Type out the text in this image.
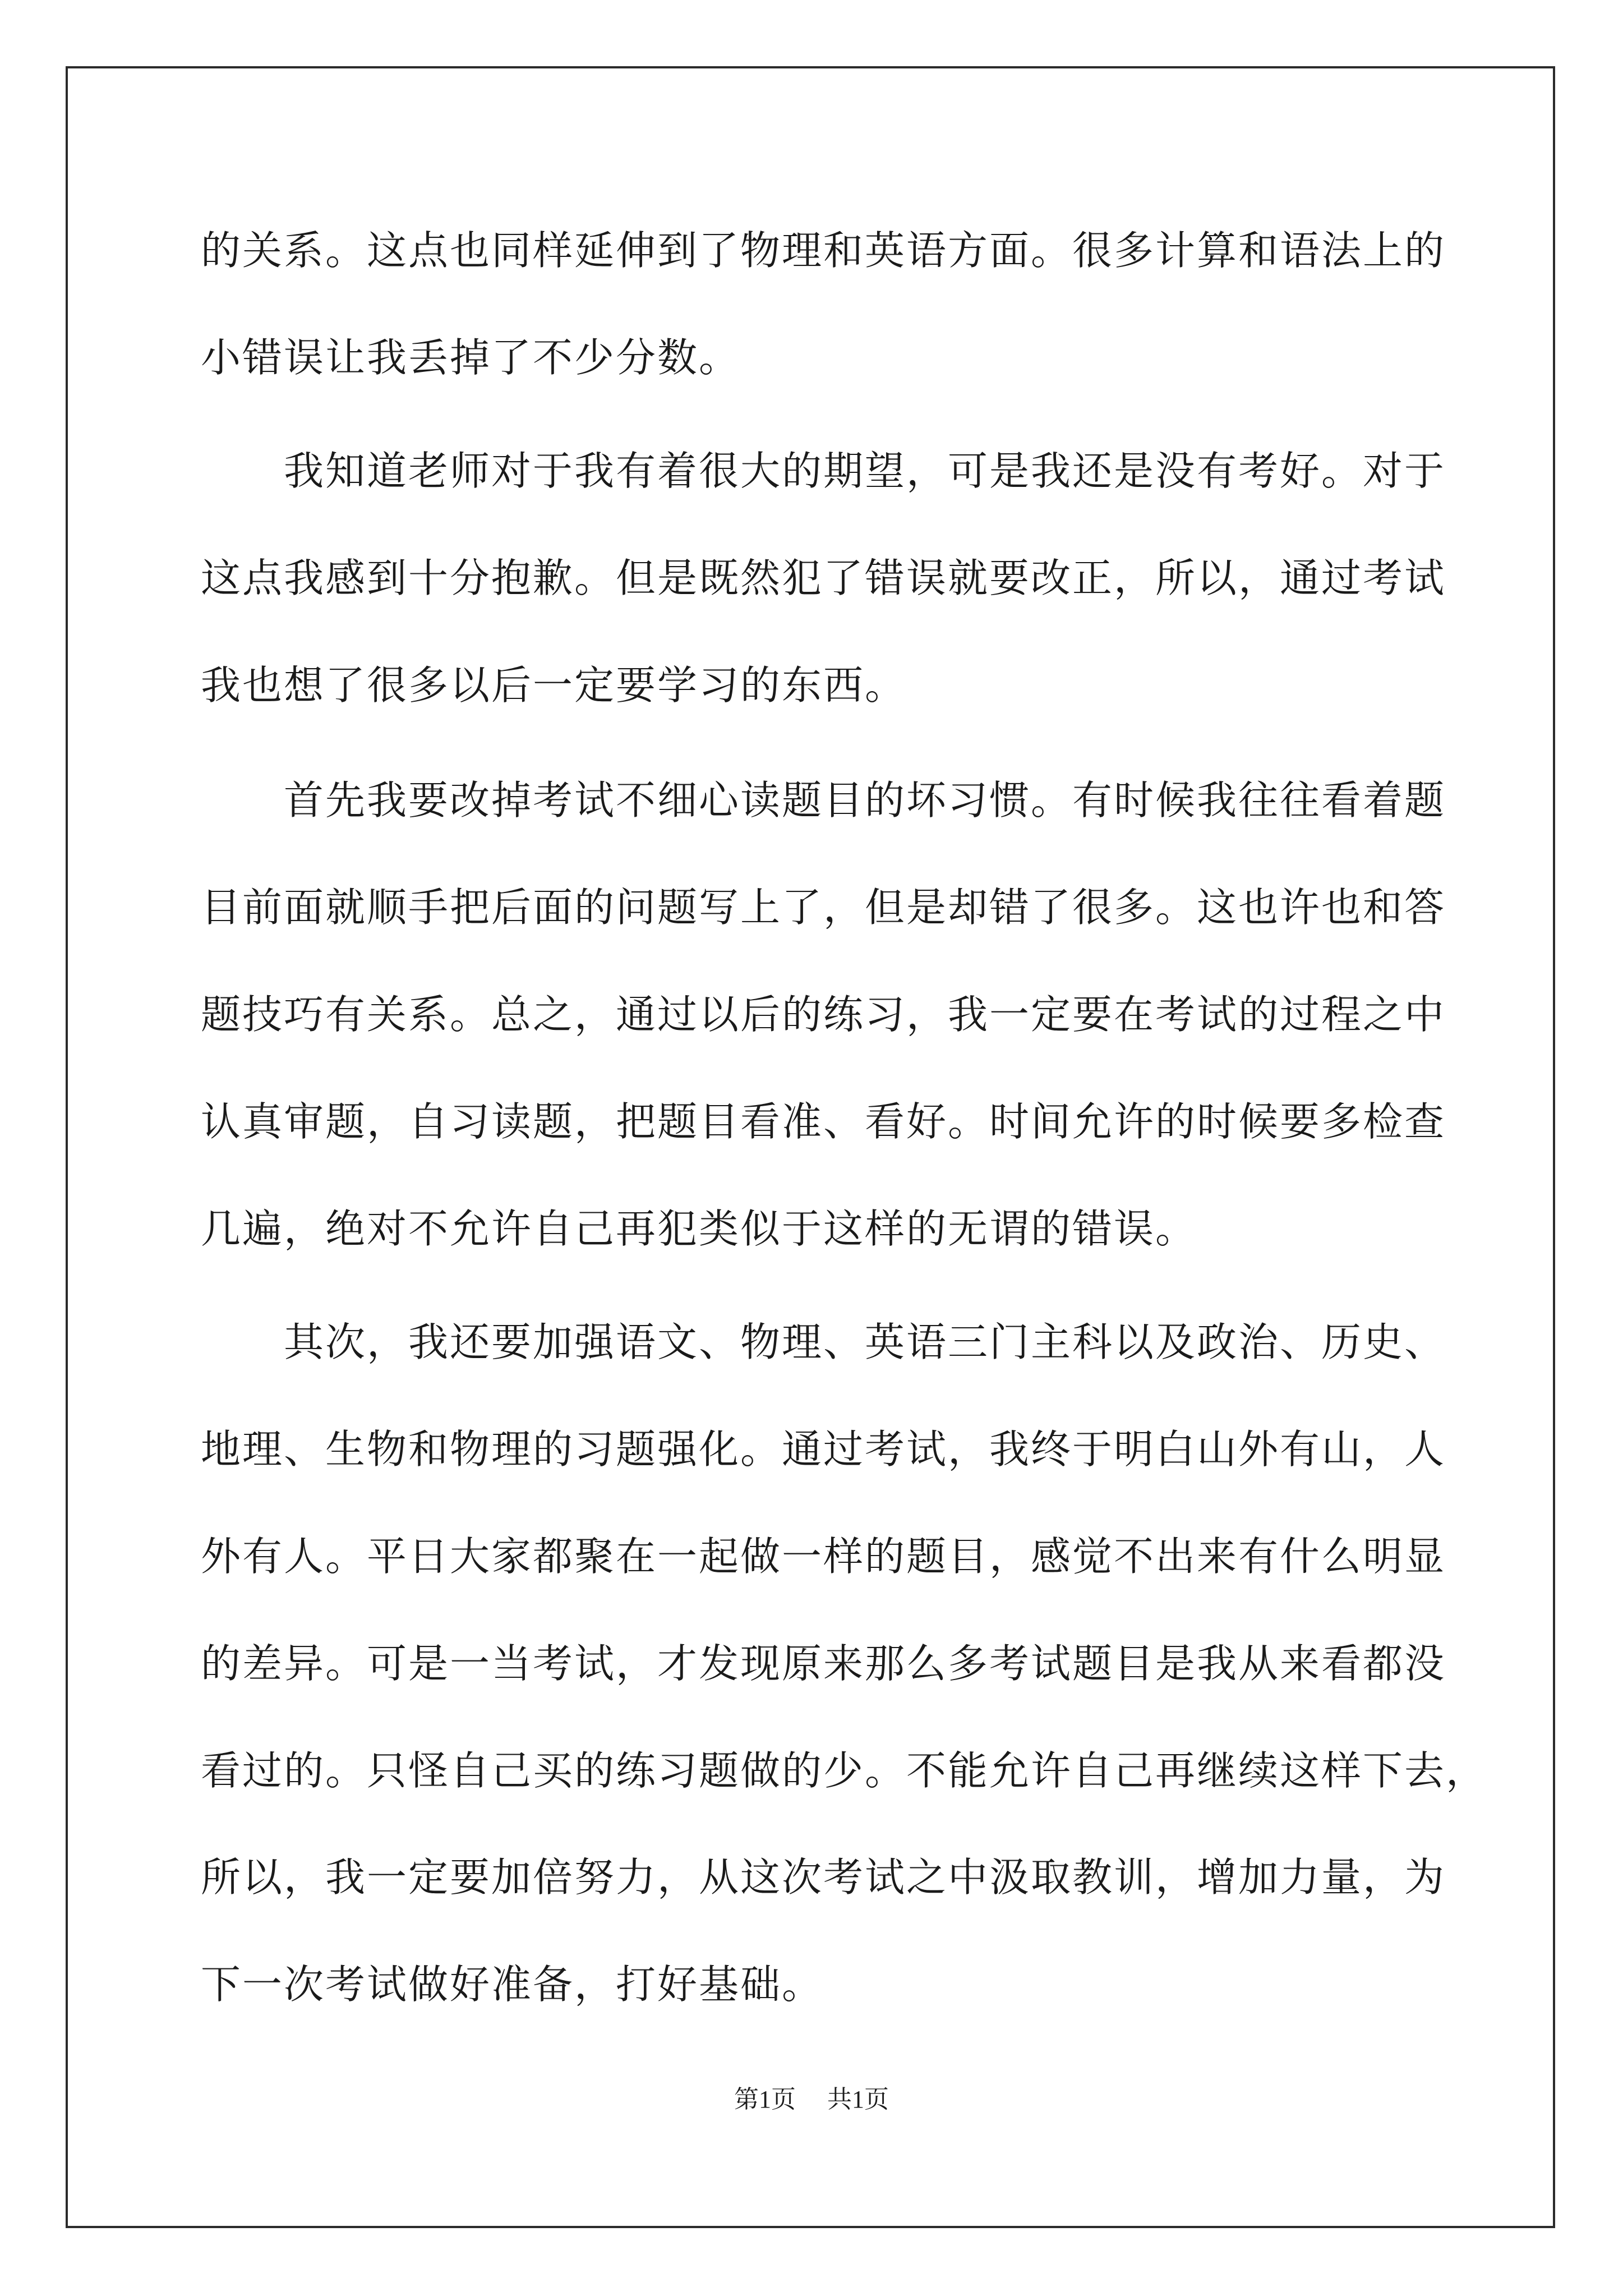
的关系。这点也同样延伸到了物理和英语方面。很多计算和语法上的
小错误让我丢掉了不少分数。
我知道老师对于我有着很大的期望，可是我还是没有考好。对于
这点我感到十分抱歉。但是既然犯了错误就要改正，所以，通过考试
我也想了很多以后一定要学习的东西。
首先我要改掉考试不细心读题目的坏习惯。有时候我往往看着题
目前面就顺手把后面的问题写上了，但是却错了很多。这也许也和答
题技巧有关系。总之，通过以后的练习，我一定要在考试的过程之中
认真审题，自习读题，把题目看准、看好。时间允许的时候要多检查
几遍，绝对不允许自己再犯类似于这样的无谓的错误。
其次，我还要加强语文、物理、英语三门主科以及政治、历史、
地理、生物和物理的习题强化。通过考试，我终于明白山外有山，人
外有人。平日大家都聚在一起做一样的题目，感觉不出来有什么明显
的差异。可是一当考试，才发现原来那么多考试题目是我从来看都没
看过的。只怪自己买的练习题做的少。不能允许自己再继续这样下去，
所以，我一定要加倍努力，从这次考试之中汲取教训，增加力量，为
下一次考试做好准备，打好基础。
第1页 共1页
